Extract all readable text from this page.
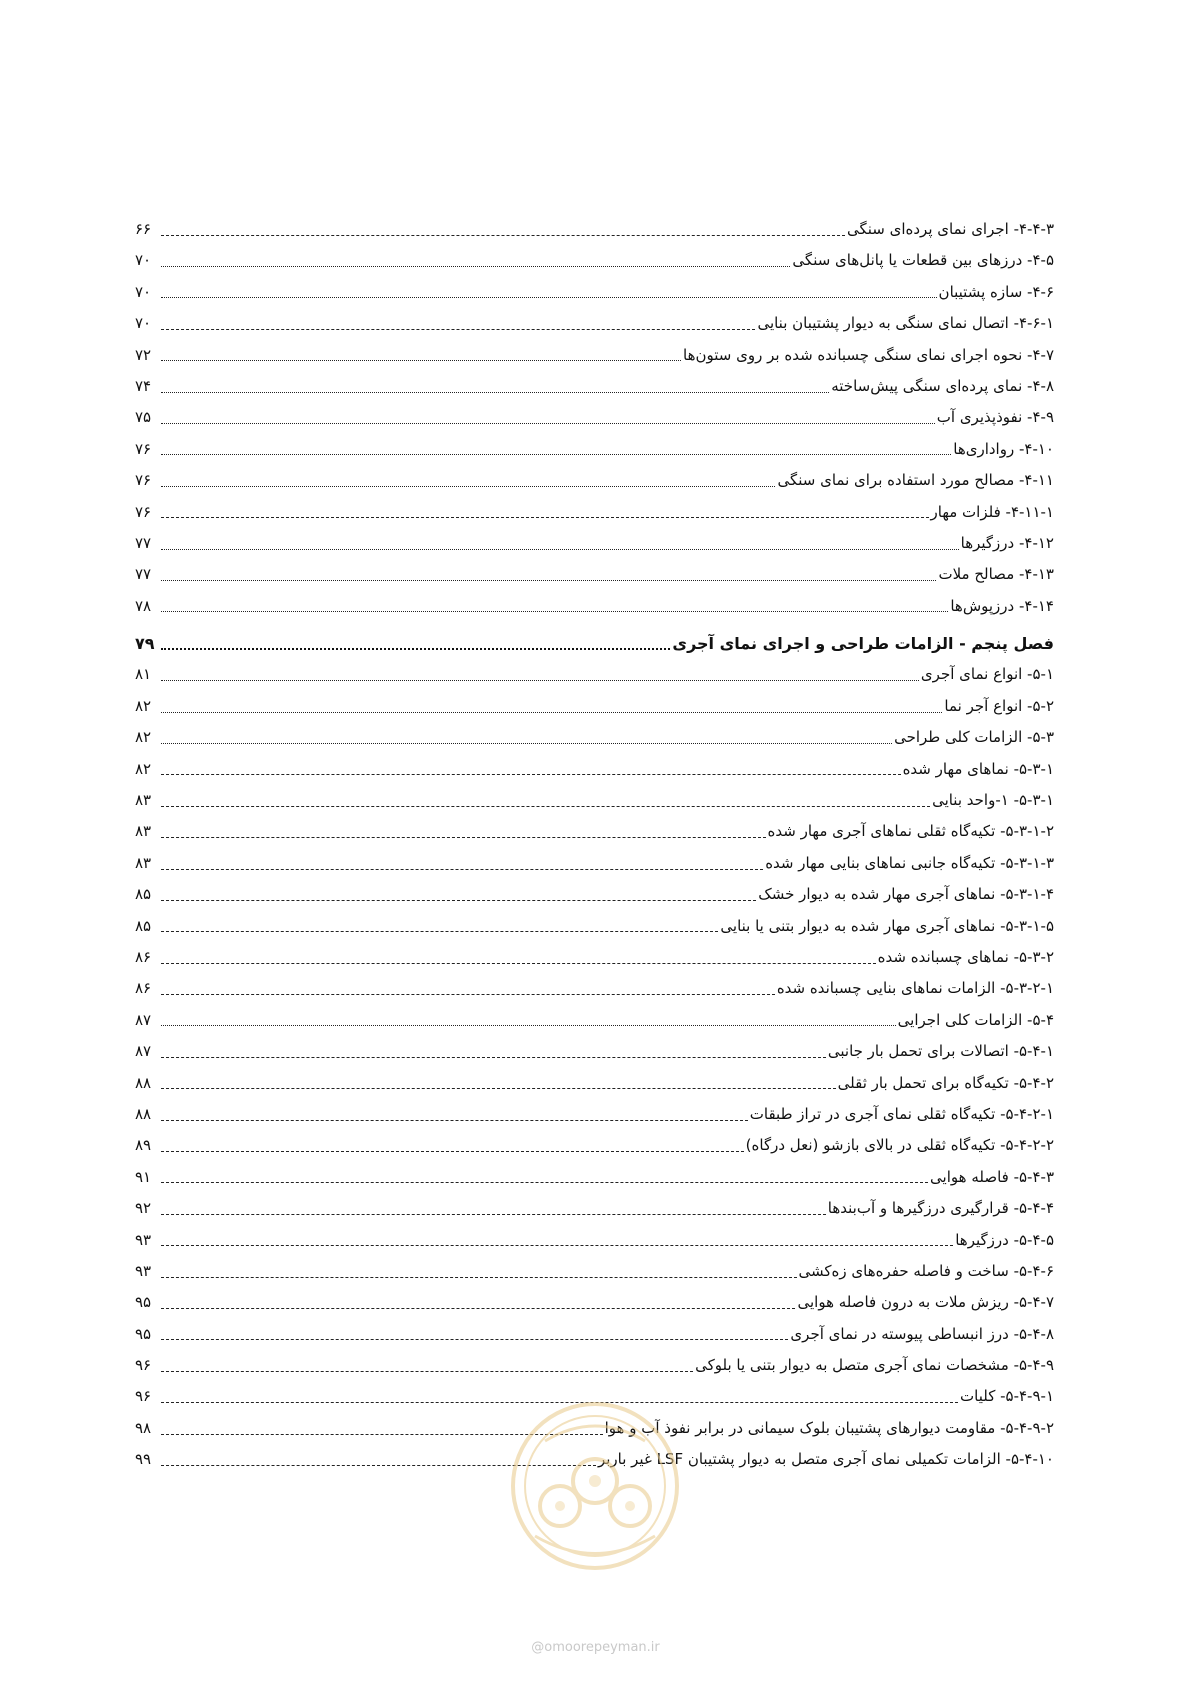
۴-۴-۳- اجرای نمای پرده‌ای سنگی
۶۶
۴-۵- درزهای بین قطعات یا پانل‌های سنگی
۷۰
۴-۶- سازه پشتیبان
۷۰
۴-۶-۱- اتصال نمای سنگی به دیوار پشتیبان بنایی
۷۰
۴-۷- نحوه اجرای نمای سنگی چسبانده شده بر روی ستون‌ها
۷۲
۴-۸- نمای پرده‌ای سنگی پیش‌ساخته
۷۴
۴-۹- نفوذپذیری آب
۷۵
۴-۱۰- رواداری‌ها
۷۶
۴-۱۱- مصالح مورد استفاده برای نمای سنگی
۷۶
۴-۱۱-۱- فلزات مهار
۷۶
۴-۱۲- درزگیرها
۷۷
۴-۱۳- مصالح ملات
۷۷
۴-۱۴- درزپوش‌ها
۷۸
فصل پنجم - الزامات طراحی و اجرای نمای آجری
۷۹
۵-۱- انواع نمای آجری
۸۱
۵-۲- انواع آجر نما
۸۲
۵-۳- الزامات کلی طراحی
۸۲
۵-۳-۱- نماهای مهار شده
۸۲
۵-۳-۱- ۱-واحد بنایی
۸۳
۵-۳-۱-۲- تکیه‌گاه ثقلی نماهای آجری مهار شده
۸۳
۵-۳-۱-۳- تکیه‌گاه جانبی نماهای بنایی مهار شده
۸۳
۵-۳-۱-۴- نماهای آجری مهار شده به دیوار خشک
۸۵
۵-۳-۱-۵- نماهای آجری مهار شده به دیوار بتنی یا بنایی
۸۵
۵-۳-۲- نماهای چسبانده شده
۸۶
۵-۳-۲-۱- الزامات نماهای بنایی چسبانده شده
۸۶
۵-۴- الزامات کلی اجرایی
۸۷
۵-۴-۱- اتصالات برای تحمل بار جانبی
۸۷
۵-۴-۲- تکیه‌گاه برای تحمل بار ثقلی
۸۸
۵-۴-۲-۱- تکیه‌گاه ثقلی نمای آجری در تراز طبقات
۸۸
۵-۴-۲-۲- تکیه‌گاه ثقلی در بالای بازشو (نعل درگاه)
۸۹
۵-۴-۳- فاصله هوایی
۹۱
۵-۴-۴- قرارگیری درزگیرها و آب‌بندها
۹۲
۵-۴-۵- درزگیرها
۹۳
۵-۴-۶- ساخت و فاصله حفره‌های زه‌کشی
۹۳
۵-۴-۷- ریزش ملات به درون فاصله هوایی
۹۵
۵-۴-۸- درز انبساطی پیوسته در نمای آجری
۹۵
۵-۴-۹- مشخصات نمای آجری متصل به دیوار بتنی یا بلوکی
۹۶
۵-۴-۹-۱- کلیات
۹۶
۵-۴-۹-۲- مقاومت دیوارهای پشتیبان بلوک سیمانی در برابر نفوذ آب و هوا
۹۸
۵-۴-۱۰- الزامات تکمیلی نمای آجری متصل به دیوار پشتیبان LSF غیر باربر
۹۹
@omoorepeyman.ir
